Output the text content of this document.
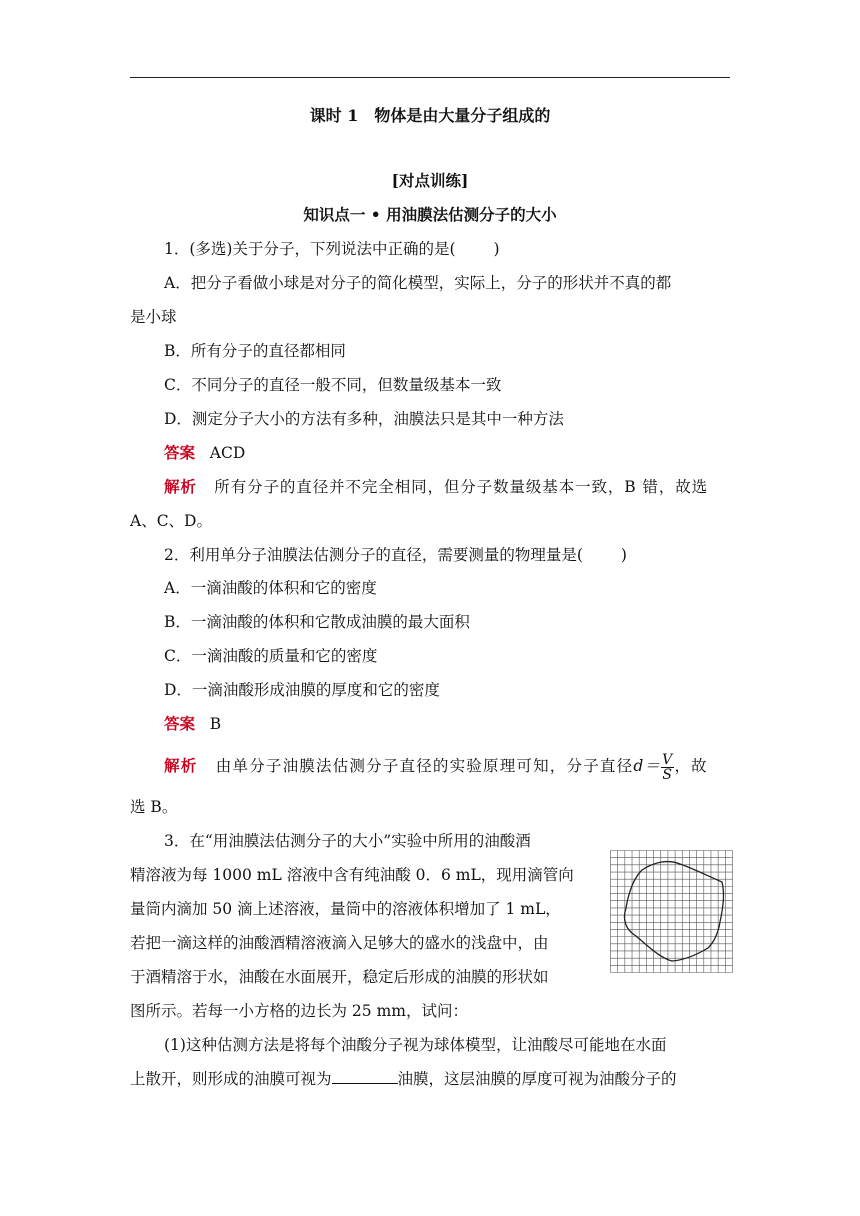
课时 1　物体是由大量分子组成的
[对点训练]
知识点一 • 用油膜法估测分子的大小
1．(多选)关于分子，下列说法中正确的是( )
A．把分子看做小球是对分子的简化模型，实际上，分子的形状并不真的都
是小球
B．所有分子的直径都相同
C．不同分子的直径一般不同，但数量级基本一致
D．测定分子大小的方法有多种，油膜法只是其中一种方法
答案 ACD
解析 所有分子的直径并不完全相同，但分子数量级基本一致，B 错，故选
A、C、D。
2．利用单分子油膜法估测分子的直径，需要测量的物理量是( )
A．一滴油酸的体积和它的密度
B．一滴油酸的体积和它散成油膜的最大面积
C．一滴油酸的质量和它的密度
D．一滴油酸形成油膜的厚度和它的密度
答案 B
解析 由单分子油膜法估测分子直径的实验原理可知，分子直径$d= \frac{V}{S}$ ，故
选 B。
3．在“用油膜法估测分子的大小”实验中所用的油酸酒
精溶液为每 1000 mL 溶液中含有纯油酸 0．6 mL，现用滴管向
量筒内滴加 50 滴上述溶液，量筒中的溶液体积增加了 1 mL，
若把一滴这样的油酸酒精溶液滴入足够大的盛水的浅盘中，由
于酒精溶于水，油酸在水面展开，稳定后形成的油膜的形状如
图所示。若每一小方格的边长为 25 mm，试问：
(1)这种估测方法是将每个油酸分子视为球体模型，让油酸尽可能地在水面
上散开，则形成的油膜可视为	油膜，这层油膜的厚度可视为油酸分子的
